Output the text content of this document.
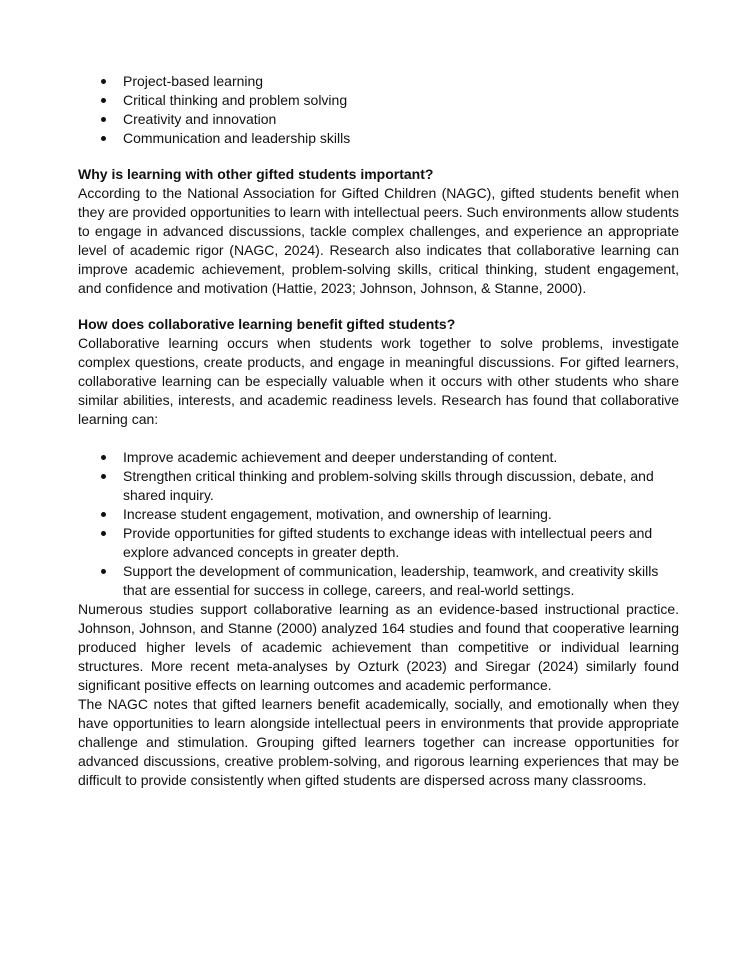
Project-based learning
Critical thinking and problem solving
Creativity and innovation
Communication and leadership skills

Why is learning with other gifted students important?

According to the National Association for Gifted Children (NAGC), gifted students benefit when they are provided opportunities to learn with intellectual peers. Such environments allow students to engage in advanced discussions, tackle complex challenges, and experience an appropriate level of academic rigor (NAGC, 2024). Research also indicates that collaborative learning can improve academic achievement, problem-solving skills, critical thinking, student engagement, and confidence and motivation (Hattie, 2023; Johnson, Johnson, & Stanne, 2000).

How does collaborative learning benefit gifted students?

Collaborative learning occurs when students work together to solve problems, investigate complex questions, create products, and engage in meaningful discussions. For gifted learners, collaborative learning can be especially valuable when it occurs with other students who share similar abilities, interests, and academic readiness levels. Research has found that collaborative learning can:

Improve academic achievement and deeper understanding of content.
Strengthen critical thinking and problem-solving skills through discussion, debate, and shared inquiry.
Increase student engagement, motivation, and ownership of learning.
Provide opportunities for gifted students to exchange ideas with intellectual peers and explore advanced concepts in greater depth.
Support the development of communication, leadership, teamwork, and creativity skills that are essential for success in college, careers, and real-world settings.

Numerous studies support collaborative learning as an evidence-based instructional practice. Johnson, Johnson, and Stanne (2000) analyzed 164 studies and found that cooperative learning produced higher levels of academic achievement than competitive or individual learning structures. More recent meta-analyses by Ozturk (2023) and Siregar (2024) similarly found significant positive effects on learning outcomes and academic performance.

The NAGC notes that gifted learners benefit academically, socially, and emotionally when they have opportunities to learn alongside intellectual peers in environments that provide appropriate challenge and stimulation. Grouping gifted learners together can increase opportunities for advanced discussions, creative problem-solving, and rigorous learning experiences that may be difficult to provide consistently when gifted students are dispersed across many classrooms.
